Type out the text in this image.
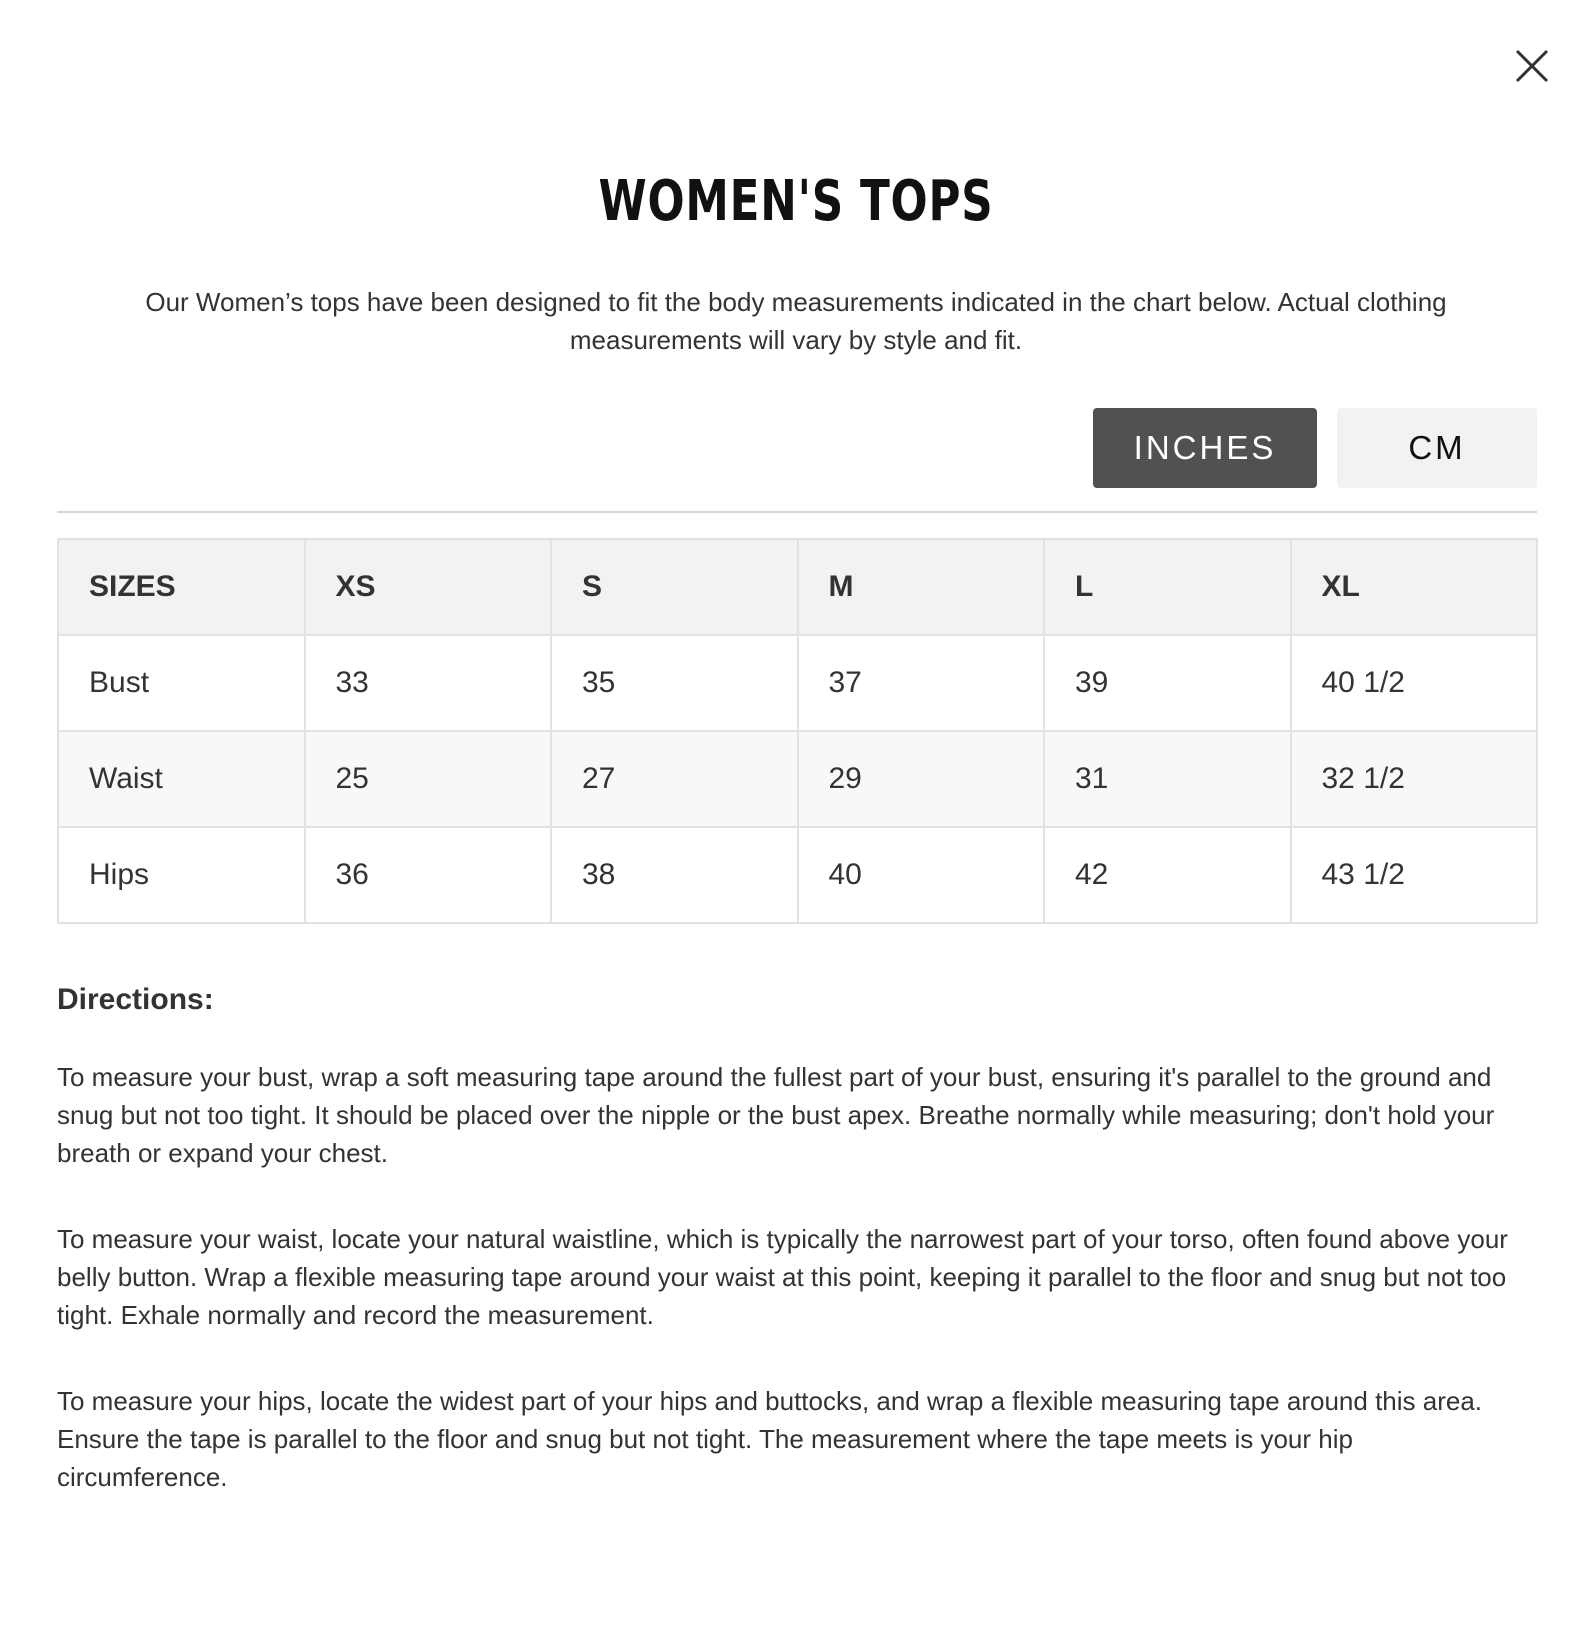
WOMEN'S TOPS

Our Women’s tops have been designed to fit the body measurements indicated in the chart below. Actual clothing measurements will vary by style and fit.

INCHES	CM
SIZES	XS	S	M	L	XL
Bust	33	35	37	39	40 1/2
Waist	25	27	29	31	32 1/2
Hips	36	38	40	42	43 1/2
Directions:

To measure your bust, wrap a soft measuring tape around the fullest part of your bust, ensuring it's parallel to the ground and snug but not too tight. It should be placed over the nipple or the bust apex. Breathe normally while measuring; don't hold your breath or expand your chest.

To measure your waist, locate your natural waistline, which is typically the narrowest part of your torso, often found above your belly button. Wrap a flexible measuring tape around your waist at this point, keeping it parallel to the floor and snug but not too tight. Exhale normally and record the measurement.

To measure your hips, locate the widest part of your hips and buttocks, and wrap a flexible measuring tape around this area. Ensure the tape is parallel to the floor and snug but not tight. The measurement where the tape meets is your hip circumference.
